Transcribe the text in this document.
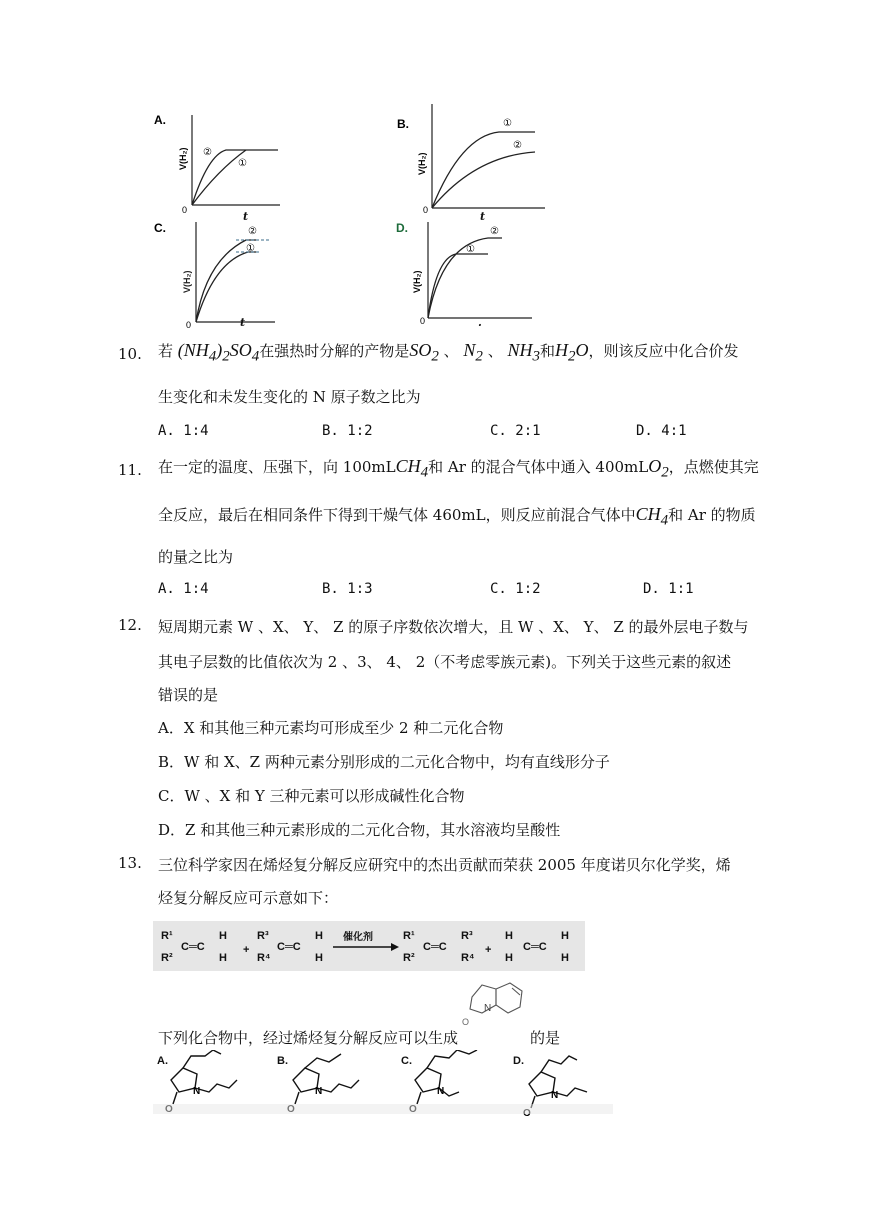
A.
V(H₂)
0
②
①
t
B.
V(H₂)
0
①
②
t
C.
V(H₂)
0
②
①
t
D.
V(H₂)
0
②
①
.
10. 若 $(NH_4)_2SO_4$在强热时分解的产物是$SO_2$ 、 $N_2$ 、 $NH_3$和$H_2O$，则该反应中化合价发
生变化和未发生变化的 N 原子数之比为
A. 1:4	B. 1:2	C. 2:1	D. 4:1
11. 在一定的温度、压强下，向 100mLCH$_4$和 Ar 的混合气体中通入 400mLO$_2$，点燃使其完
全反应，最后在相同条件下得到干燥气体 460mL，则反应前混合气体中$CH_4$和 Ar 的物质
的量之比为
A. 1:4	B. 1:3	C. 1:2	D. 1:1
12. 短周期元素 W 、X、 Y、 Z 的原子序数依次增大，且 W 、X、 Y、 Z 的最外层电子数与
其电子层数的比值依次为 2 、3、 4、 2（不考虑零族元素)。下列关于这些元素的叙述
错误的是
A．X 和其他三种元素均可形成至少 2 种二元化合物
B．W 和 X、Z 两种元素分别形成的二元化合物中，均有直线形分子
C．W 、X 和 Y 三种元素可以形成碱性化合物
D．Z 和其他三种元素形成的二元化合物，其水溶液均呈酸性
13. 三位科学家因在烯烃复分解反应研究中的杰出贡献而荣获 2005 年度诺贝尔化学奖，烯
烃复分解反应可示意如下：
R¹
R²
C═C
H
H
+
R³
R⁴
C═C
H
H
R¹
R²
C═C
R³
R⁴
+
H
H
C═C
H
H
催化剂
N
O
下列化合物中，经过烯烃复分解反应可以生成	的是
A.	B.	C.	D.
N	N	N	N
